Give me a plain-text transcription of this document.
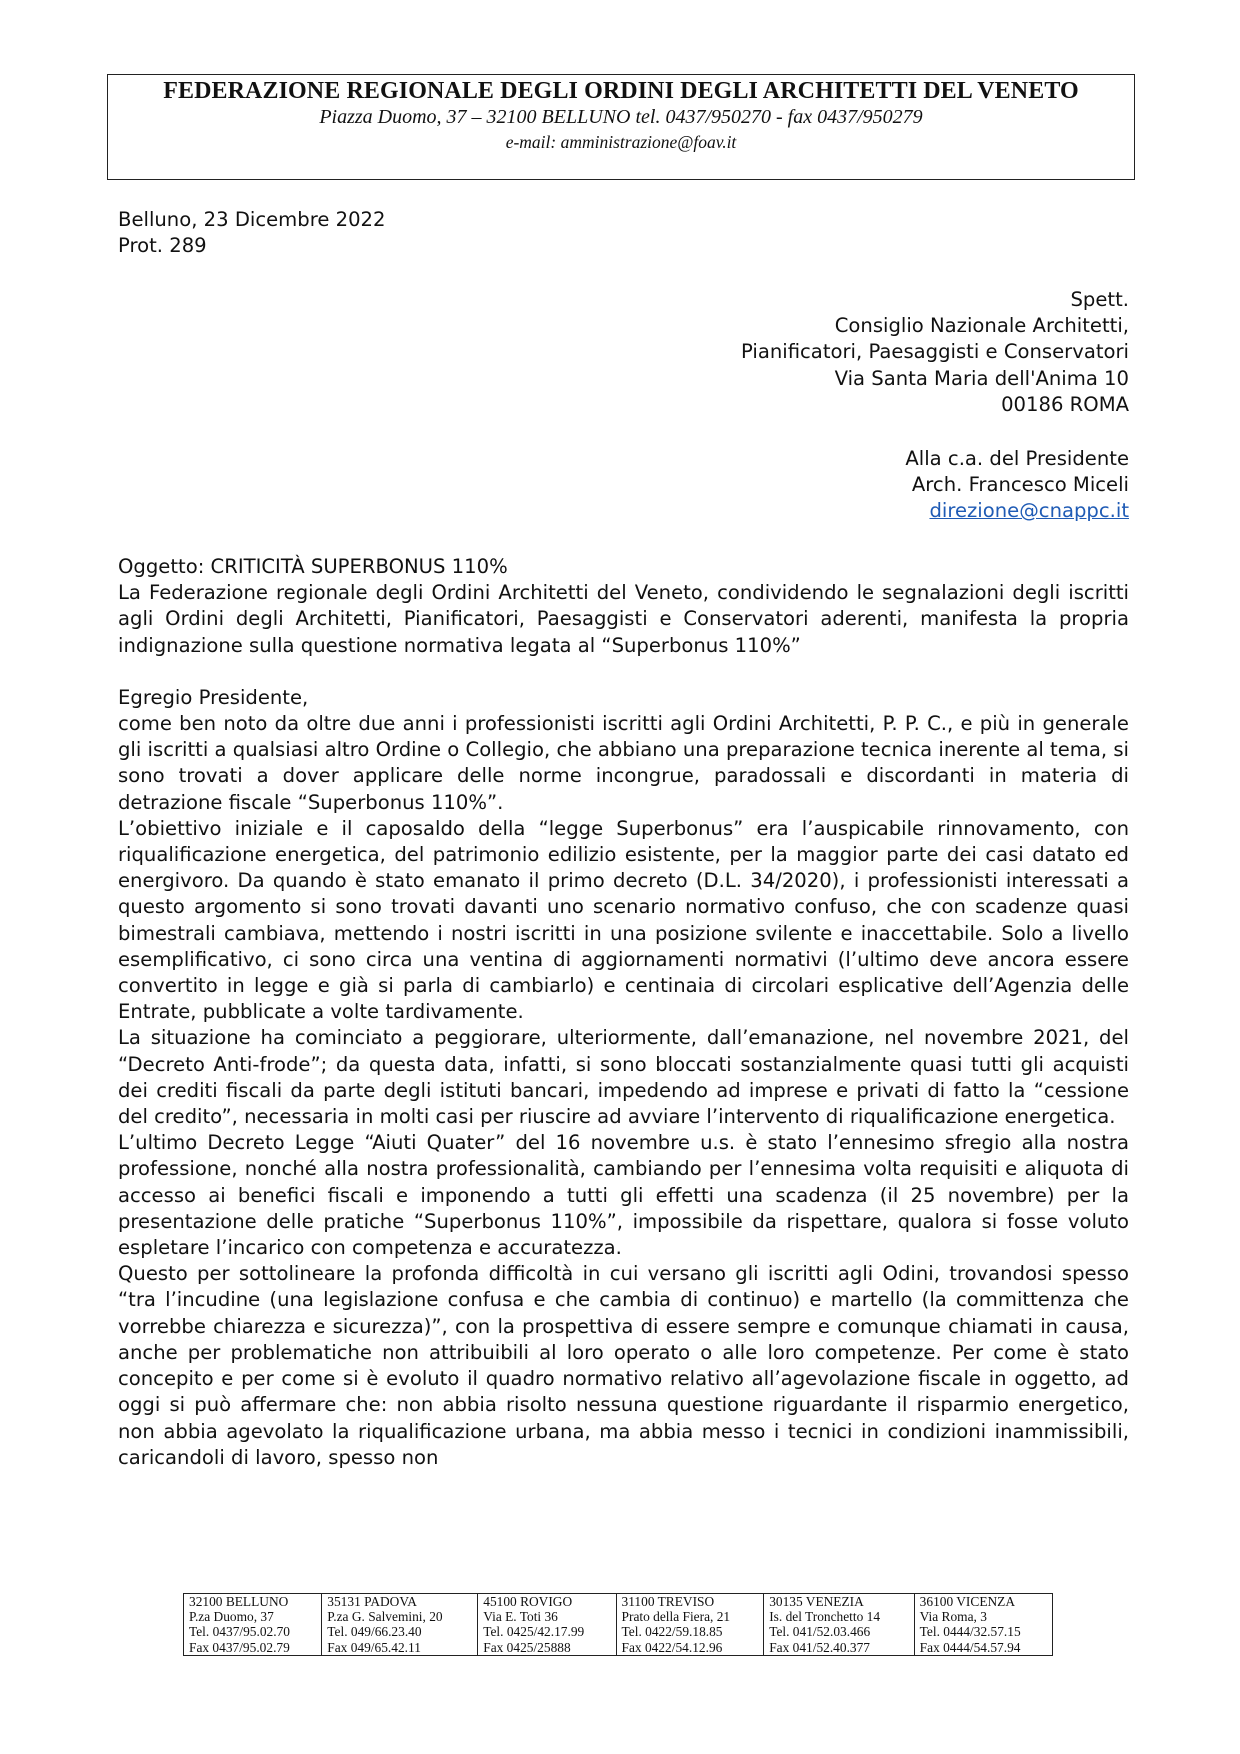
FEDERAZIONE REGIONALE DEGLI ORDINI DEGLI ARCHITETTI DEL VENETO
Piazza Duomo, 37 – 32100 BELLUNO tel. 0437/950270 - fax 0437/950279
e-mail: amministrazione@foav.it
Belluno, 23 Dicembre 2022
Prot. 289
Spett.
Consiglio Nazionale Architetti,
Pianificatori, Paesaggisti e Conservatori
Via Santa Maria dell'Anima 10
00186 ROMA
Alla c.a. del Presidente
Arch. Francesco Miceli
direzione@cnappc.it
Oggetto: CRITICITÀ SUPERBONUS 110%
La Federazione regionale degli Ordini Architetti del Veneto, condividendo le segnalazioni degli iscritti agli Ordini degli Architetti, Pianificatori, Paesaggisti e Conservatori aderenti, manifesta la propria indignazione sulla questione normativa legata al “Superbonus 110%”
Egregio Presidente,
come ben noto da oltre due anni i professionisti iscritti agli Ordini Architetti, P. P. C., e più in generale gli iscritti a qualsiasi altro Ordine o Collegio, che abbiano una preparazione tecnica inerente al tema, si sono trovati a dover applicare delle norme incongrue, paradossali e discordanti in materia di detrazione fiscale “Superbonus 110%”.
L’obiettivo iniziale e il caposaldo della “legge Superbonus” era l’auspicabile rinnovamento, con riqualificazione energetica, del patrimonio edilizio esistente, per la maggior parte dei casi datato ed energivoro. Da quando è stato emanato il primo decreto (D.L. 34/2020), i professionisti interessati a questo argomento si sono trovati davanti uno scenario normativo confuso, che con scadenze quasi bimestrali cambiava, mettendo i nostri iscritti in una posizione svilente e inaccettabile. Solo a livello esemplificativo, ci sono circa una ventina di aggiornamenti normativi (l’ultimo deve ancora essere convertito in legge e già si parla di cambiarlo) e centinaia di circolari esplicative dell’Agenzia delle Entrate, pubblicate a volte tardivamente.
La situazione ha cominciato a peggiorare, ulteriormente, dall’emanazione, nel novembre 2021, del “Decreto Anti-frode”; da questa data, infatti, si sono bloccati sostanzialmente quasi tutti gli acquisti dei crediti fiscali da parte degli istituti bancari, impedendo ad imprese e privati di fatto la “cessione del credito”, necessaria in molti casi per riuscire ad avviare l’intervento di riqualificazione energetica.
L’ultimo Decreto Legge “Aiuti Quater” del 16 novembre u.s. è stato l’ennesimo sfregio alla nostra professione, nonché alla nostra professionalità, cambiando per l’ennesima volta requisiti e aliquota di accesso ai benefici fiscali e imponendo a tutti gli effetti una scadenza (il 25 novembre) per la presentazione delle pratiche “Superbonus 110%”, impossibile da rispettare, qualora si fosse voluto espletare l’incarico con competenza e accuratezza.
Questo per sottolineare la profonda difficoltà in cui versano gli iscritti agli Odini, trovandosi spesso “tra l’incudine (una legislazione confusa e che cambia di continuo) e martello (la committenza che vorrebbe chiarezza e sicurezza)”, con la prospettiva di essere sempre e comunque chiamati in causa, anche per problematiche non attribuibili al loro operato o alle loro competenze. Per come è stato concepito e per come si è evoluto il quadro normativo relativo all’agevolazione fiscale in oggetto, ad oggi si può affermare che: non abbia risolto nessuna questione riguardante il risparmio energetico, non abbia agevolato la riqualificazione urbana, ma abbia messo i tecnici in condizioni inammissibili, caricandoli di lavoro, spesso non
32100 BELLUNO
P.za Duomo, 37
Tel. 0437/95.02.70
Fax 0437/95.02.79

35131 PADOVA
P.za G. Salvemini, 20
Tel. 049/66.23.40
Fax 049/65.42.11

45100 ROVIGO
Via E. Toti 36
Tel. 0425/42.17.99
Fax 0425/25888

31100 TREVISO
Prato della Fiera, 21
Tel. 0422/59.18.85
Fax 0422/54.12.96

30135 VENEZIA
Is. del Tronchetto 14
Tel. 041/52.03.466
Fax 041/52.40.377

36100 VICENZA
Via Roma, 3
Tel. 0444/32.57.15
Fax 0444/54.57.94
